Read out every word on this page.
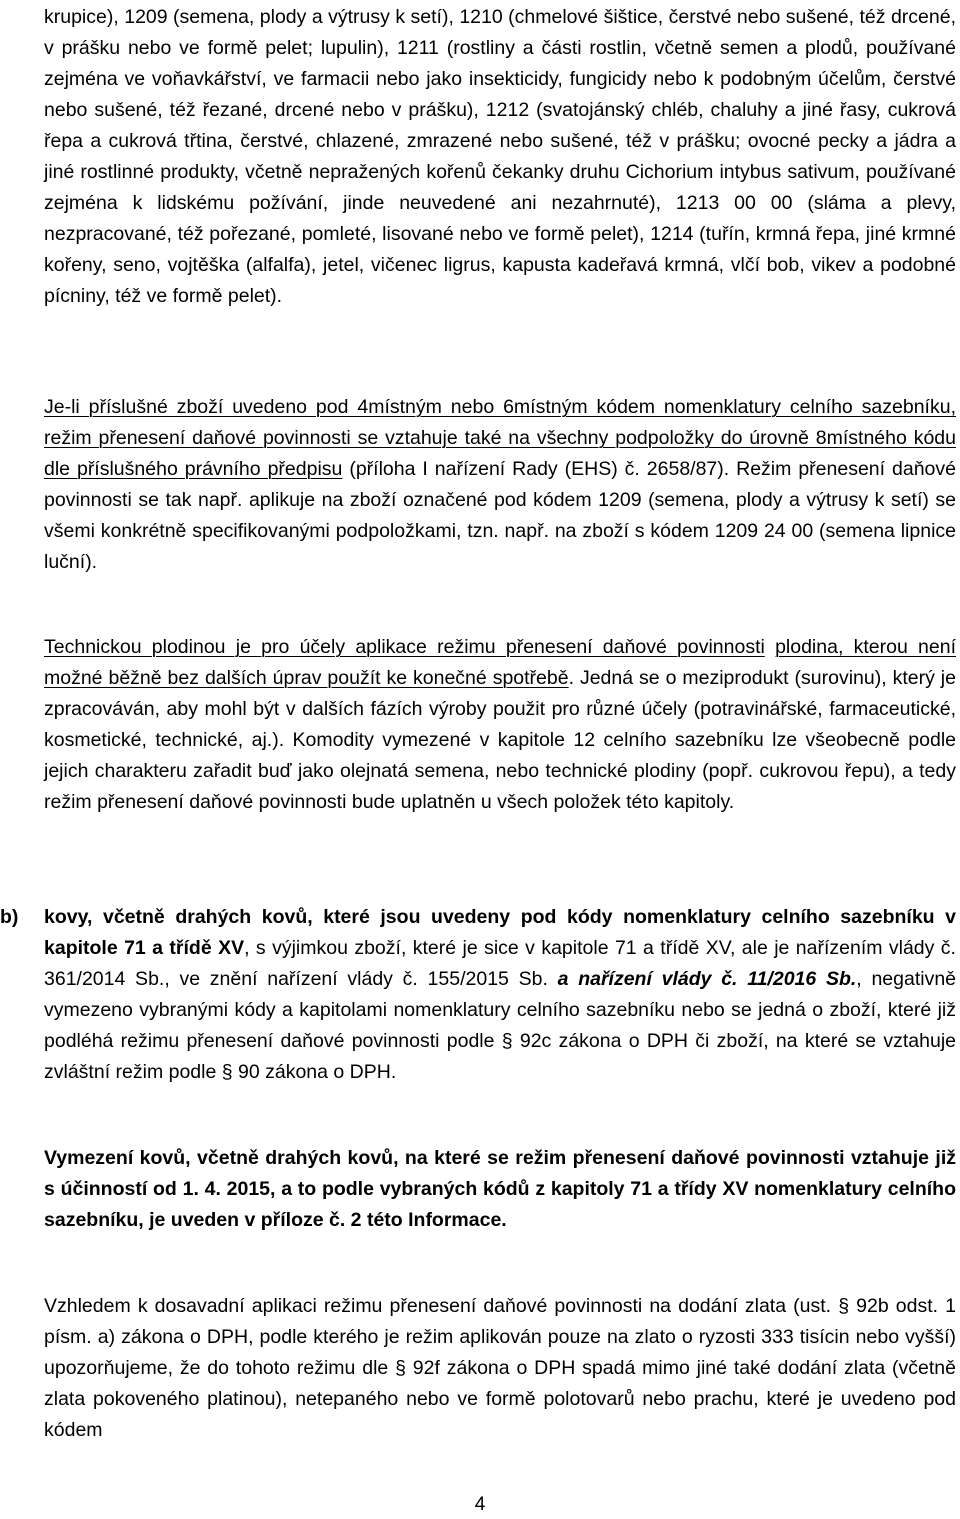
krupice), 1209 (semena, plody a výtrusy k setí), 1210 (chmelové šištice, čerstvé nebo sušené, též drcené, v prášku nebo ve formě pelet; lupulin), 1211 (rostliny a části rostlin, včetně semen a plodů, používané zejména ve voňavkářství, ve farmacii nebo jako insekticidy, fungicidy nebo k podobným účelům, čerstvé nebo sušené, též řezané, drcené nebo v prášku), 1212 (svatojánský chléb, chaluhy a jiné řasy, cukrová řepa a cukrová třtina, čerstvé, chlazené, zmrazené nebo sušené, též v prášku; ovocné pecky a jádra a jiné rostlinné produkty, včetně nepražených kořenů čekanky druhu Cichorium intybus sativum, používané zejména k lidskému požívání, jinde neuvedené ani nezahrnuté), 1213 00 00 (sláma a plevy, nezpracované, též pořezané, pomleté, lisované nebo ve formě pelet), 1214 (tuřín, krmná řepa, jiné krmné kořeny, seno, vojtěška (alfalfa), jetel, vičenec ligrus, kapusta kadeřavá krmná, vlčí bob, vikev a podobné pícniny, též ve formě pelet).

Je-li příslušné zboží uvedeno pod 4místným nebo 6místným kódem nomenklatury celního sazebníku, režim přenesení daňové povinnosti se vztahuje také na všechny podpoložky do úrovně 8místného kódu dle příslušného právního předpisu (příloha I nařízení Rady (EHS) č. 2658/87). Režim přenesení daňové povinnosti se tak např. aplikuje na zboží označené pod kódem 1209 (semena, plody a výtrusy k setí) se všemi konkrétně specifikovanými podpoložkami, tzn. např. na zboží s kódem 1209 24 00 (semena lipnice luční).

Technickou plodinou je pro účely aplikace režimu přenesení daňové povinnosti plodina, kterou není možné běžně bez dalších úprav použít ke konečné spotřebě. Jedná se o meziprodukt (surovinu), který je zpracováván, aby mohl být v dalších fázích výroby použit pro různé účely (potravinářské, farmaceutické, kosmetické, technické, aj.). Komodity vymezené v kapitole 12 celního sazebníku lze všeobecně podle jejich charakteru zařadit buď jako olejnatá semena, nebo technické plodiny (popř. cukrovou řepu), a tedy režim přenesení daňové povinnosti bude uplatněn u všech položek této kapitoly.

b)	kovy, včetně drahých kovů, které jsou uvedeny pod kódy nomenklatury celního sazebníku v kapitole 71 a třídě XV, s výjimkou zboží, které je sice v kapitole 71 a třídě XV, ale je nařízením vlády č. 361/2014 Sb., ve znění nařízení vlády č. 155/2015 Sb. a nařízení vlády č. 11/2016 Sb., negativně vymezeno vybranými kódy a kapitolami nomenklatury celního sazebníku nebo se jedná o zboží, které již podléhá režimu přenesení daňové povinnosti podle § 92c zákona o DPH či zboží, na které se vztahuje zvláštní režim podle § 90 zákona o DPH.

Vymezení kovů, včetně drahých kovů, na které se režim přenesení daňové povinnosti vztahuje již s účinností od 1. 4. 2015, a to podle vybraných kódů z kapitoly 71 a třídy XV nomenklatury celního sazebníku, je uveden v příloze č. 2 této Informace.

Vzhledem k dosavadní aplikaci režimu přenesení daňové povinnosti na dodání zlata (ust. § 92b odst. 1 písm. a) zákona o DPH, podle kterého je režim aplikován pouze na zlato o ryzosti 333 tisícin nebo vyšší) upozorňujeme, že do tohoto režimu dle § 92f zákona o DPH spadá mimo jiné také dodání zlata (včetně zlata pokoveného platinou), netepaného nebo ve formě polotovarů nebo prachu, které je uvedeno pod kódem

4
